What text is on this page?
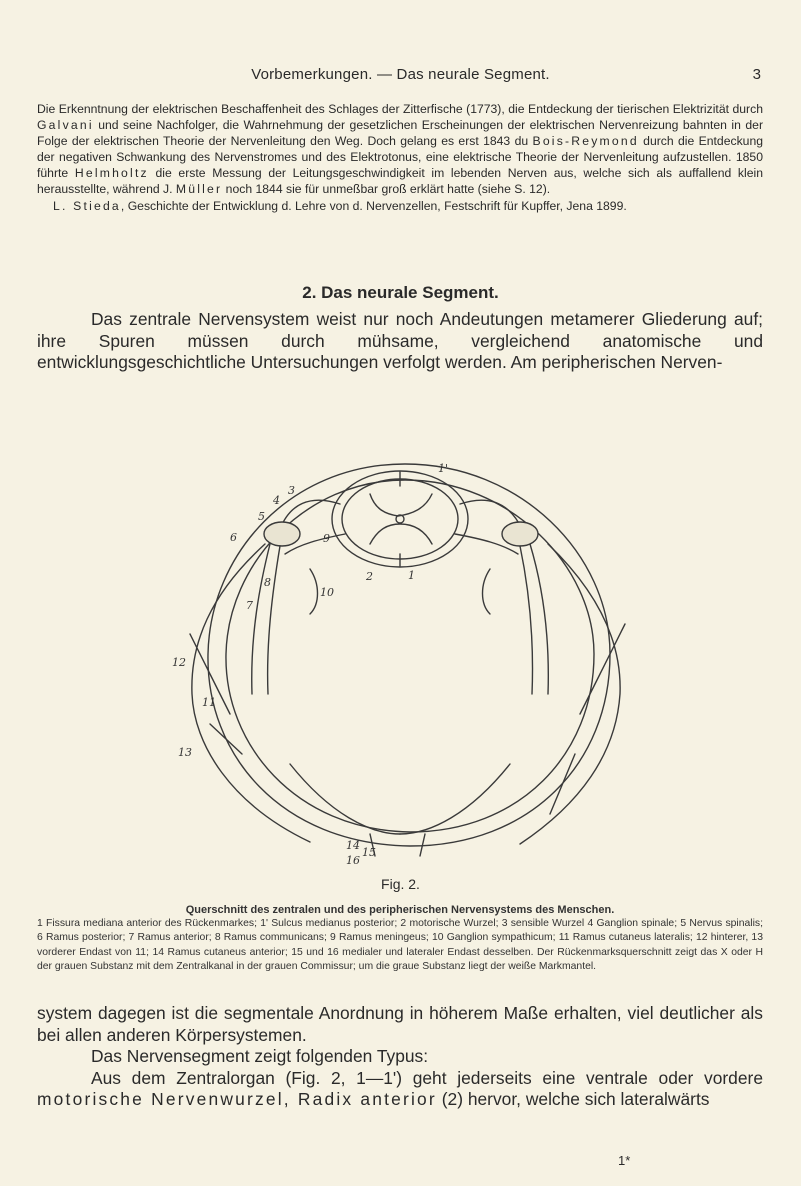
Vorbemerkungen. — Das neurale Segment.	3

Die Erkenntnung der elektrischen Beschaffenheit des Schlages der Zitterfische (1773), die Entdeckung der tierischen Elektrizität durch Galvani und seine Nachfolger, die Wahrnehmung der gesetzlichen Erscheinungen der elektrischen Nervenreizung bahnten in der Folge der elektrischen Theorie der Nervenleitung den Weg. Doch gelang es erst 1843 du Bois-Reymond durch die Entdeckung der negativen Schwankung des Nervenstromes und des Elektrotonus, eine elektrische Theorie der Nervenleitung aufzustellen. 1850 führte Helmholtz die erste Messung der Leitungsgeschwindigkeit im lebenden Nerven aus, welche sich als auffallend klein herausstellte, während J. Müller noch 1844 sie für unmeßbar groß erklärt hatte (siehe S. 12).

L. Stieda, Geschichte der Entwicklung d. Lehre von d. Nervenzellen, Festschrift für Kupffer, Jena 1899.

2. Das neurale Segment.

Das zentrale Nervensystem weist nur noch Andeutungen metamerer Gliederung auf; ihre Spuren müssen durch mühsame, vergleichend anatomische und entwicklungsgeschichtliche Untersuchungen verfolgt werden. Am peripherischen Nerven-

1'
1
2
3
4
5
6
7
8
9
10
11
12
13
14
15
16
Fig. 2.
Querschnitt des zentralen und des peripherischen Nervensystems des Menschen.
1 Fissura mediana anterior des Rückenmarkes; 1' Sulcus medianus posterior; 2 motorische Wurzel; 3 sensible Wurzel 4 Ganglion spinale; 5 Nervus spinalis; 6 Ramus posterior; 7 Ramus anterior; 8 Ramus communicans; 9 Ramus meningeus; 10 Ganglion sympathicum; 11 Ramus cutaneus lateralis; 12 hinterer, 13 vorderer Endast von 11; 14 Ramus cutaneus anterior; 15 und 16 medialer und lateraler Endast desselben. Der Rückenmarksquerschnitt zeigt das X oder H der grauen Substanz mit dem Zentralkanal in der grauen Commissur; um die graue Substanz liegt der weiße Markmantel.

system dagegen ist die segmentale Anordnung in höherem Maße erhalten, viel deutlicher als bei allen anderen Körpersystemen.

Das Nervensegment zeigt folgenden Typus:

Aus dem Zentralorgan (Fig. 2, 1—1') geht jederseits eine ventrale oder vordere motorische Nervenwurzel, Radix anterior (2) hervor, welche sich lateralwärts

1*
